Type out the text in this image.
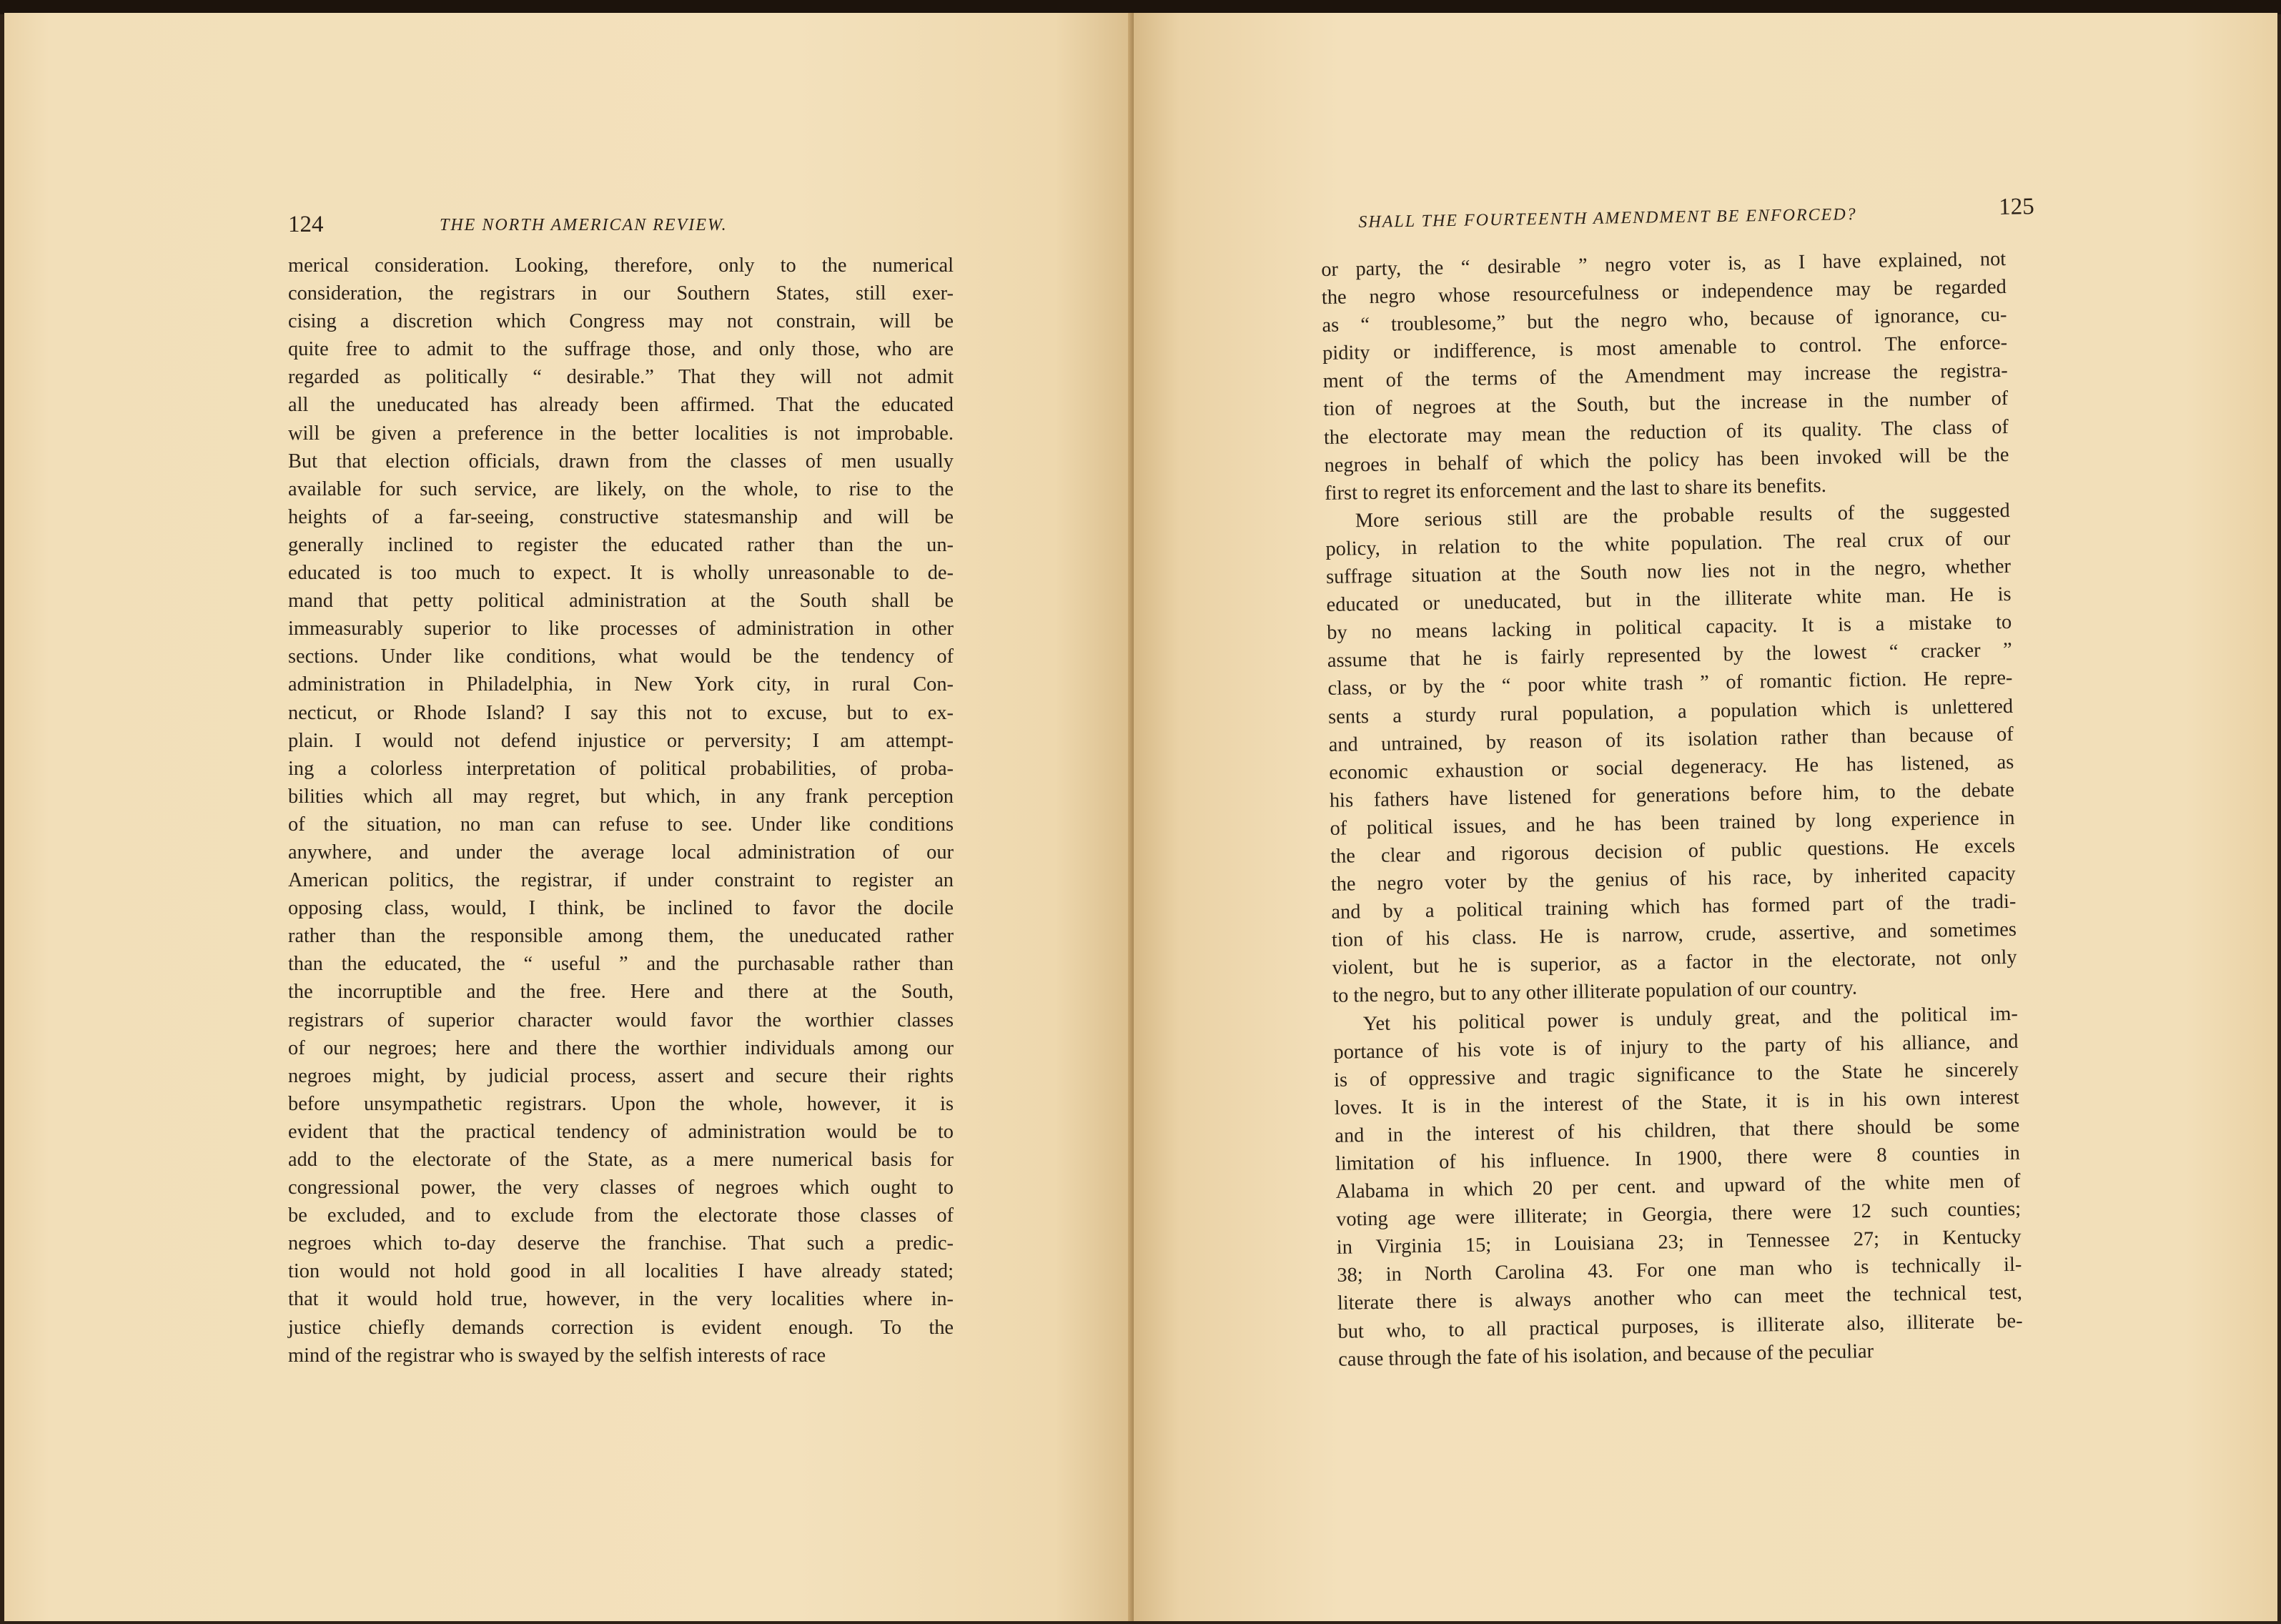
124	THE NORTH AMERICAN REVIEW.
merical consideration. Looking, therefore, only to the numerical
consideration, the registrars in our Southern States, still exer-
cising a discretion which Congress may not constrain, will be
quite free to admit to the suffrage those, and only those, who are
regarded as politically “ desirable.” That they will not admit
all the uneducated has already been affirmed. That the educated
will be given a preference in the better localities is not improbable.
But that election officials, drawn from the classes of men usually
available for such service, are likely, on the whole, to rise to the
heights of a far-seeing, constructive statesmanship and will be
generally inclined to register the educated rather than the un-
educated is too much to expect. It is wholly unreasonable to de-
mand that petty political administration at the South shall be
immeasurably superior to like processes of administration in other
sections. Under like conditions, what would be the tendency of
administration in Philadelphia, in New York city, in rural Con-
necticut, or Rhode Island? I say this not to excuse, but to ex-
plain. I would not defend injustice or perversity; I am attempt-
ing a colorless interpretation of political probabilities, of proba-
bilities which all may regret, but which, in any frank perception
of the situation, no man can refuse to see. Under like conditions
anywhere, and under the average local administration of our
American politics, the registrar, if under constraint to register an
opposing class, would, I think, be inclined to favor the docile
rather than the responsible among them, the uneducated rather
than the educated, the “ useful ” and the purchasable rather than
the incorruptible and the free. Here and there at the South,
registrars of superior character would favor the worthier classes
of our negroes; here and there the worthier individuals among our
negroes might, by judicial process, assert and secure their rights
before unsympathetic registrars. Upon the whole, however, it is
evident that the practical tendency of administration would be to
add to the electorate of the State, as a mere numerical basis for
congressional power, the very classes of negroes which ought to
be excluded, and to exclude from the electorate those classes of
negroes which to-day deserve the franchise. That such a predic-
tion would not hold good in all localities I have already stated;
that it would hold true, however, in the very localities where in-
justice chiefly demands correction is evident enough. To the
mind of the registrar who is swayed by the selfish interests of race
SHALL THE FOURTEENTH AMENDMENT BE ENFORCED?	125
or party, the “ desirable ” negro voter is, as I have explained, not
the negro whose resourcefulness or independence may be regarded
as “ troublesome,” but the negro who, because of ignorance, cu-
pidity or indifference, is most amenable to control. The enforce-
ment of the terms of the Amendment may increase the registra-
tion of negroes at the South, but the increase in the number of
the electorate may mean the reduction of its quality. The class of
negroes in behalf of which the policy has been invoked will be the
first to regret its enforcement and the last to share its benefits.
More serious still are the probable results of the suggested
policy, in relation to the white population. The real crux of our
suffrage situation at the South now lies not in the negro, whether
educated or uneducated, but in the illiterate white man. He is
by no means lacking in political capacity. It is a mistake to
assume that he is fairly represented by the lowest “ cracker ”
class, or by the “ poor white trash ” of romantic fiction. He repre-
sents a sturdy rural population, a population which is unlettered
and untrained, by reason of its isolation rather than because of
economic exhaustion or social degeneracy. He has listened, as
his fathers have listened for generations before him, to the debate
of political issues, and he has been trained by long experience in
the clear and rigorous decision of public questions. He excels
the negro voter by the genius of his race, by inherited capacity
and by a political training which has formed part of the tradi-
tion of his class. He is narrow, crude, assertive, and sometimes
violent, but he is superior, as a factor in the electorate, not only
to the negro, but to any other illiterate population of our country.
Yet his political power is unduly great, and the political im-
portance of his vote is of injury to the party of his alliance, and
is of oppressive and tragic significance to the State he sincerely
loves. It is in the interest of the State, it is in his own interest
and in the interest of his children, that there should be some
limitation of his influence. In 1900, there were 8 counties in
Alabama in which 20 per cent. and upward of the white men of
voting age were illiterate; in Georgia, there were 12 such counties;
in Virginia 15; in Louisiana 23; in Tennessee 27; in Kentucky
38; in North Carolina 43. For one man who is technically il-
literate there is always another who can meet the technical test,
but who, to all practical purposes, is illiterate also, illiterate be-
cause through the fate of his isolation, and because of the peculiar
